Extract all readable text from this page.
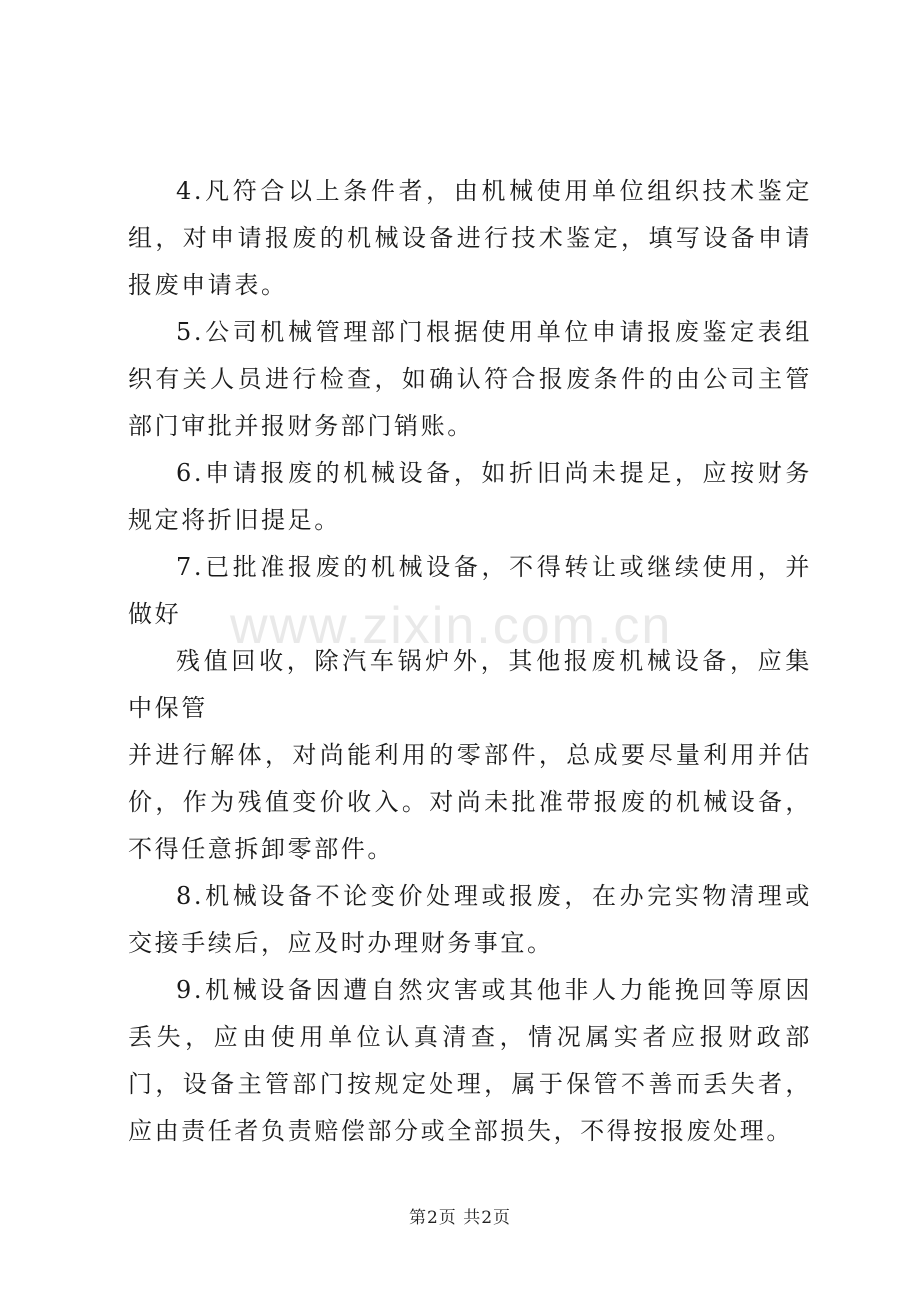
4.凡符合以上条件者，由机械使用单位组织技术鉴定组，对申请报废的机械设备进行技术鉴定，填写设备申请报废申请表。

5.公司机械管理部门根据使用单位申请报废鉴定表组织有关人员进行检查，如确认符合报废条件的由公司主管部门审批并报财务部门销账。

6.申请报废的机械设备，如折旧尚未提足，应按财务规定将折旧提足。

7.已批准报废的机械设备，不得转让或继续使用，并做好

残值回收，除汽车锅炉外，其他报废机械设备，应集中保管

并进行解体，对尚能利用的零部件，总成要尽量利用并估价，作为残值变价收入。对尚未批准带报废的机械设备，不得任意拆卸零部件。

8.机械设备不论变价处理或报废，在办完实物清理或交接手续后，应及时办理财务事宜。

9.机械设备因遭自然灾害或其他非人力能挽回等原因丢失，应由使用单位认真清查，情况属实者应报财政部门，设备主管部门按规定处理，属于保管不善而丢失者，应由责任者负责赔偿部分或全部损失，不得按报废处理。

www.zixin.com.cn
第2页 共2页
